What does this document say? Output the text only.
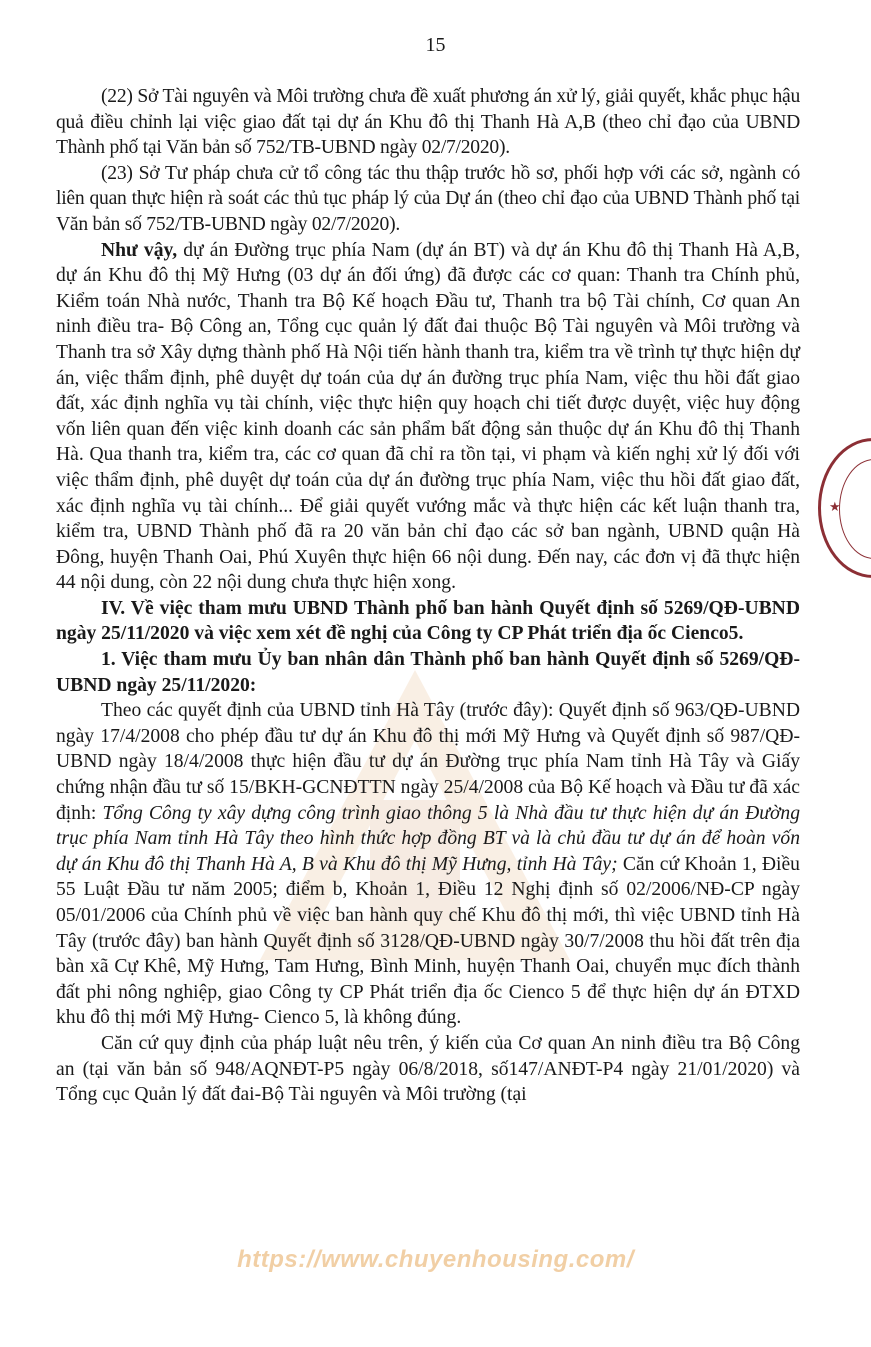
15
★

(22) Sở Tài nguyên và Môi trường chưa đề xuất phương án xử lý, giải quyết, khắc phục hậu quả điều chỉnh lại việc giao đất tại dự án Khu đô thị Thanh Hà A,B (theo chỉ đạo của UBND Thành phố tại Văn bản số 752/TB-UBND ngày 02/7/2020).

(23) Sở Tư pháp chưa cử tổ công tác thu thập trước hồ sơ, phối hợp với các sở, ngành có liên quan thực hiện rà soát các thủ tục pháp lý của Dự án (theo chỉ đạo của UBND Thành phố tại Văn bản số 752/TB-UBND ngày 02/7/2020).

Như vậy, dự án Đường trục phía Nam (dự án BT) và dự án Khu đô thị Thanh Hà A,B, dự án Khu đô thị Mỹ Hưng (03 dự án đối ứng) đã được các cơ quan: Thanh tra Chính phủ, Kiểm toán Nhà nước, Thanh tra Bộ Kế hoạch Đầu tư, Thanh tra bộ Tài chính, Cơ quan An ninh điều tra- Bộ Công an, Tổng cục quản lý đất đai thuộc Bộ Tài nguyên và Môi trường và Thanh tra sở Xây dựng thành phố Hà Nội tiến hành thanh tra, kiểm tra về trình tự thực hiện dự án, việc thẩm định, phê duyệt dự toán của dự án đường trục phía Nam, việc thu hồi đất giao đất, xác định nghĩa vụ tài chính, việc thực hiện quy hoạch chi tiết được duyệt, việc huy động vốn liên quan đến việc kinh doanh các sản phẩm bất động sản thuộc dự án Khu đô thị Thanh Hà. Qua thanh tra, kiểm tra, các cơ quan đã chỉ ra tồn tại, vi phạm và kiến nghị xử lý đối với việc thẩm định, phê duyệt dự toán của dự án đường trục phía Nam, việc thu hồi đất giao đất, xác định nghĩa vụ tài chính... Để giải quyết vướng mắc và thực hiện các kết luận thanh tra, kiểm tra, UBND Thành phố đã ra 20 văn bản chỉ đạo các sở ban ngành, UBND quận Hà Đông, huyện Thanh Oai, Phú Xuyên thực hiện 66 nội dung. Đến nay, các đơn vị đã thực hiện 44 nội dung, còn 22 nội dung chưa thực hiện xong.

IV. Về việc tham mưu UBND Thành phố ban hành Quyết định số 5269/QĐ-UBND ngày 25/11/2020 và việc xem xét đề nghị của Công ty CP Phát triển địa ốc Cienco5.

1. Việc tham mưu Ủy ban nhân dân Thành phố ban hành Quyết định số 5269/QĐ-UBND ngày 25/11/2020:

Theo các quyết định của UBND tỉnh Hà Tây (trước đây): Quyết định số 963/QĐ-UBND ngày 17/4/2008 cho phép đầu tư dự án Khu đô thị mới Mỹ Hưng và Quyết định số 987/QĐ-UBND ngày 18/4/2008 thực hiện đầu tư dự án Đường trục phía Nam tỉnh Hà Tây và Giấy chứng nhận đầu tư số 15/BKH-GCNĐTTN ngày 25/4/2008 của Bộ Kế hoạch và Đầu tư đã xác định: Tổng Công ty xây dựng công trình giao thông 5 là Nhà đầu tư thực hiện dự án Đường trục phía Nam tỉnh Hà Tây theo hình thức hợp đồng BT và là chủ đầu tư dự án để hoàn vốn dự án Khu đô thị Thanh Hà A, B và Khu đô thị Mỹ Hưng, tỉnh Hà Tây; Căn cứ Khoản 1, Điều 55 Luật Đầu tư năm 2005; điểm b, Khoản 1, Điều 12 Nghị định số 02/2006/NĐ-CP ngày 05/01/2006 của Chính phủ về việc ban hành quy chế Khu đô thị mới, thì việc UBND tỉnh Hà Tây (trước đây) ban hành Quyết định số 3128/QĐ-UBND ngày 30/7/2008 thu hồi đất trên địa bàn xã Cự Khê, Mỹ Hưng, Tam Hưng, Bình Minh, huyện Thanh Oai, chuyển mục đích thành đất phi nông nghiệp, giao Công ty CP Phát triển địa ốc Cienco 5 để thực hiện dự án ĐTXD khu đô thị mới Mỹ Hưng- Cienco 5, là không đúng.

Căn cứ quy định của pháp luật nêu trên, ý kiến của Cơ quan An ninh điều tra Bộ Công an (tại văn bản số 948/AQNĐT-P5 ngày 06/8/2018, số147/ANĐT-P4 ngày 21/01/2020) và Tổng cục Quản lý đất đai-Bộ Tài nguyên và Môi trường (tại

https://www.chuyenhousing.com/
